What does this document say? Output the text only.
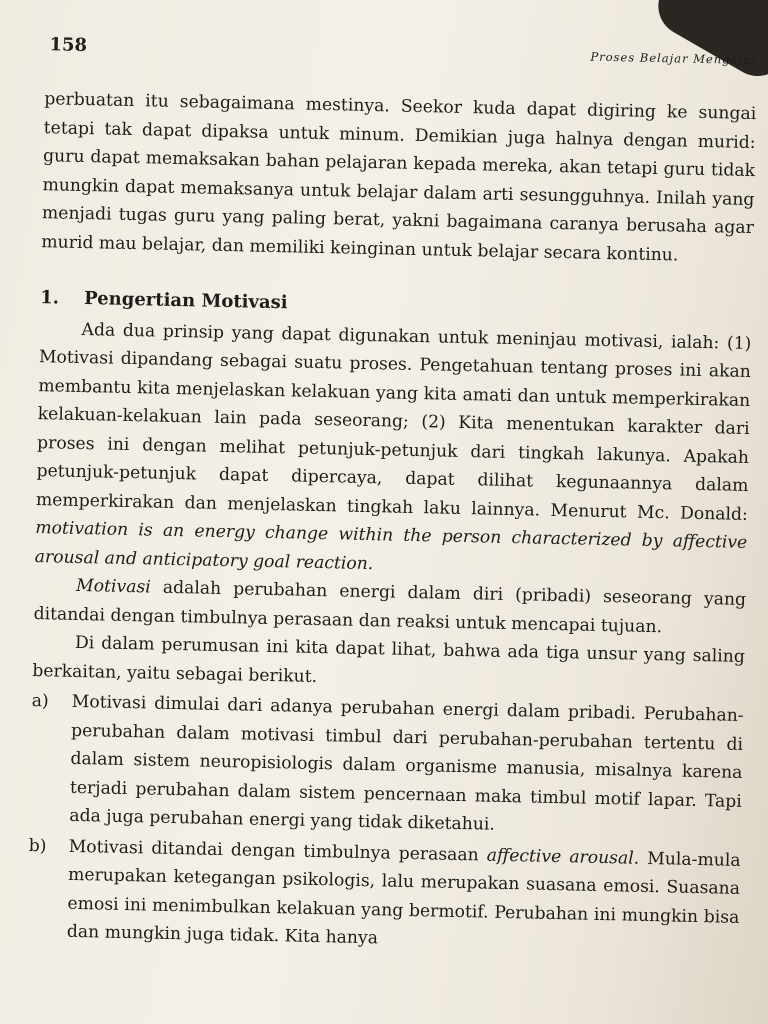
158
Proses Belajar Mengajar

perbuatan itu sebagaimana mestinya. Seekor kuda dapat digiring ke sungai tetapi tak dapat dipaksa untuk minum. Demikian juga halnya dengan murid: guru dapat memaksakan bahan pelajaran kepada mereka, akan tetapi guru tidak mungkin dapat memaksanya untuk belajar dalam arti sesungguhnya. Inilah yang menjadi tugas guru yang paling berat, yakni bagaimana caranya berusaha agar murid mau belajar, dan memiliki keinginan untuk belajar secara kontinu.

1.	Pengertian Motivasi

Ada dua prinsip yang dapat digunakan untuk meninjau motivasi, ialah: (1) Motivasi dipandang sebagai suatu proses. Pengetahuan tentang proses ini akan membantu kita menjelaskan kelakuan yang kita amati dan untuk memperkirakan kelakuan-kelakuan lain pada seseorang; (2) Kita menentukan karakter dari proses ini dengan melihat petunjuk-petunjuk dari tingkah lakunya. Apakah petunjuk-petunjuk dapat dipercaya, dapat dilihat kegunaannya dalam memperkirakan dan menjelaskan tingkah laku lainnya. Menurut Mc. Donald: motivation is an energy change within the person characterized by affective arousal and anticipatory goal reaction.

Motivasi adalah perubahan energi dalam diri (pribadi) seseorang yang ditandai dengan timbulnya perasaan dan reaksi untuk mencapai tujuan.

Di dalam perumusan ini kita dapat lihat, bahwa ada tiga unsur yang saling berkaitan, yaitu sebagai berikut.

a)	Motivasi dimulai dari adanya perubahan energi dalam pribadi. Perubahan-perubahan dalam motivasi timbul dari perubahan-perubahan tertentu di dalam sistem neuropisiologis dalam organisme manusia, misalnya karena terjadi perubahan dalam sistem pencernaan maka timbul motif lapar. Tapi ada juga perubahan energi yang tidak diketahui.
b)	Motivasi ditandai dengan timbulnya perasaan affective arousal. Mula-mula merupakan ketegangan psikologis, lalu merupakan suasana emosi. Suasana emosi ini menimbulkan kelakuan yang bermotif. Perubahan ini mungkin bisa dan mungkin juga tidak. Kita hanya
